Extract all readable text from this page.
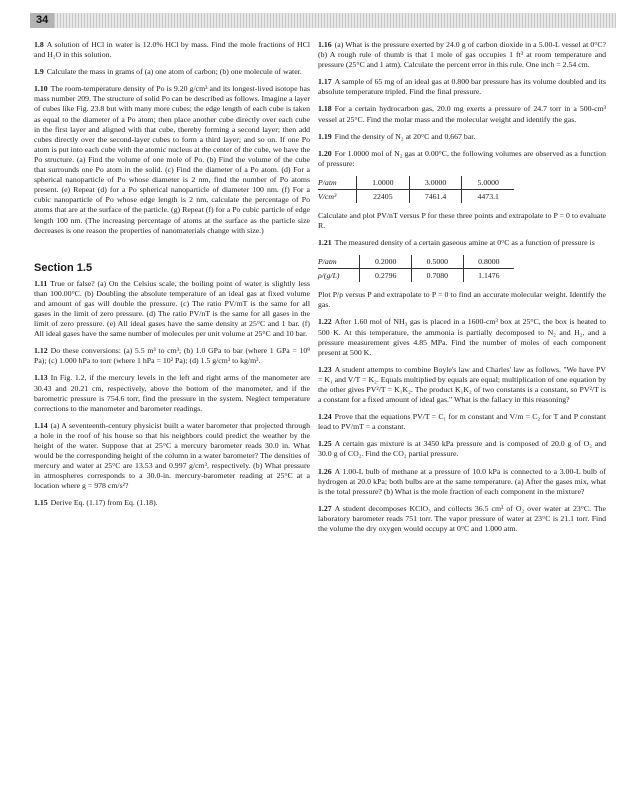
34

1.8 A solution of HCl in water is 12.0% HCl by mass. Find the mole fractions of HCl and H₂O in this solution.

1.9 Calculate the mass in grams of (a) one atom of carbon; (b) one molecule of water.

1.10 The room-temperature density of Po is 9.20 g/cm³ and its longest-lived isotope has mass number 209. The structure of solid Po can be described as follows. Imagine a layer of cubes like Fig. 23.8 but with many more cubes; the edge length of each cube is taken as equal to the diameter of a Po atom; then place another cube directly over each cube in the first layer and aligned with that cube, thereby forming a second layer; then add cubes directly over the second-layer cubes to form a third layer; and so on. If one Po atom is put into each cube with the atomic nucleus at the center of the cube, we have the Po structure. (a) Find the volume of one mole of Po. (b) Find the volume of the cube that surrounds one Po atom in the solid. (c) Find the diameter of a Po atom. (d) For a spherical nanoparticle of Po whose diameter is 2 nm, find the number of Po atoms present. (e) Repeat (d) for a Po spherical nanoparticle of diameter 100 nm. (f) For a cubic nanoparticle of Po whose edge length is 2 nm, calculate the percentage of Po atoms that are at the surface of the particle. (g) Repeat (f) for a Po cubic particle of edge length 100 nm. (The increasing percentage of atoms at the surface as the particle size decreases is one reason the properties of nanomaterials change with size.)

Section 1.5

1.11 True or false? (a) On the Celsius scale, the boiling point of water is slightly less than 100.00°C. (b) Doubling the absolute temperature of an ideal gas at fixed volume and amount of gas will double the pressure. (c) The ratio PV/mT is the same for all gases in the limit of zero pressure. (d) The ratio PV/nT is the same for all gases in the limit of zero pressure. (e) All ideal gases have the same density at 25°C and 1 bar. (f) All ideal gases have the same number of molecules per unit volume at 25°C and 10 bar.

1.12 Do these conversions: (a) 5.5 m³ to cm³; (b) 1.0 GPa to bar (where 1 GPa = 10⁹ Pa); (c) 1.000 hPa to torr (where 1 hPa = 10² Pa); (d) 1.5 g/cm³ to kg/m³.

1.13 In Fig. 1.2, if the mercury levels in the left and right arms of the manometer are 30.43 and 20.21 cm, respectively, above the bottom of the manometer, and if the barometric pressure is 754.6 torr, find the pressure in the system. Neglect temperature corrections to the manometer and barometer readings.

1.14 (a) A seventeenth-century physicist built a water barometer that projected through a hole in the roof of his house so that his neighbors could predict the weather by the height of the water. Suppose that at 25°C a mercury barometer reads 30.0 in. What would be the corresponding height of the column in a water barometer? The densities of mercury and water at 25°C are 13.53 and 0.997 g/cm³, respectively. (b) What pressure in atmospheres corresponds to a 30.0-in. mercury-barometer reading at 25°C at a location where g = 978 cm/s²?

1.15 Derive Eq. (1.17) from Eq. (1.18).

1.16 (a) What is the pressure exerted by 24.0 g of carbon dioxide in a 5.00-L vessel at 0°C? (b) A rough rule of thumb is that 1 mole of gas occupies 1 ft³ at room temperature and pressure (25°C and 1 atm). Calculate the percent error in this rule. One inch = 2.54 cm.

1.17 A sample of 65 mg of an ideal gas at 0.800 bar pressure has its volume doubled and its absolute temperature tripled. Find the final pressure.

1.18 For a certain hydrocarbon gas, 20.0 mg exerts a pressure of 24.7 torr in a 500-cm³ vessel at 25°C. Find the molar mass and the molecular weight and identify the gas.

1.19 Find the density of N₂ at 20°C and 0.667 bar.

1.20 For 1.0000 mol of N₂ gas at 0.00°C, the following volumes are observed as a function of pressure:

P/atm	1.0000	3.0000	5.0000
V/cm³	22405	7461.4	4473.1

Calculate and plot PV/nT versus P for these three points and extrapolate to P = 0 to evaluate R.

1.21 The measured density of a certain gaseous amine at 0°C as a function of pressure is

P/atm	0.2000	0.5000	0.8000
ρ/(g/L)	0.2796	0.7080	1.1476

Plot P/ρ versus P and extrapolate to P = 0 to find an accurate molecular weight. Identify the gas.

1.22 After 1.60 mol of NH₃ gas is placed in a 1600-cm³ box at 25°C, the box is heated to 500 K. At this temperature, the ammonia is partially decomposed to N₂ and H₂, and a pressure measurement gives 4.85 MPa. Find the number of moles of each component present at 500 K.

1.23 A student attempts to combine Boyle's law and Charles' law as follows. "We have PV = K₁ and V/T = K₂. Equals multiplied by equals are equal; multiplication of one equation by the other gives PV²/T = K₁K₂. The product K₁K₂ of two constants is a constant, so PV²/T is a constant for a fixed amount of ideal gas." What is the fallacy in this reasoning?

1.24 Prove that the equations PV/T = C₁ for m constant and V/m = C₂ for T and P constant lead to PV/mT = a constant.

1.25 A certain gas mixture is at 3450 kPa pressure and is composed of 20.0 g of O₂ and 30.0 g of CO₂. Find the CO₂ partial pressure.

1.26 A 1.00-L bulb of methane at a pressure of 10.0 kPa is connected to a 3.00-L bulb of hydrogen at 20.0 kPa; both bulbs are at the same temperature. (a) After the gases mix, what is the total pressure? (b) What is the mole fraction of each component in the mixture?

1.27 A student decomposes KClO₃ and collects 36.5 cm³ of O₂ over water at 23°C. The laboratory barometer reads 751 torr. The vapor pressure of water at 23°C is 21.1 torr. Find the volume the dry oxygen would occupy at 0°C and 1.000 atm.
